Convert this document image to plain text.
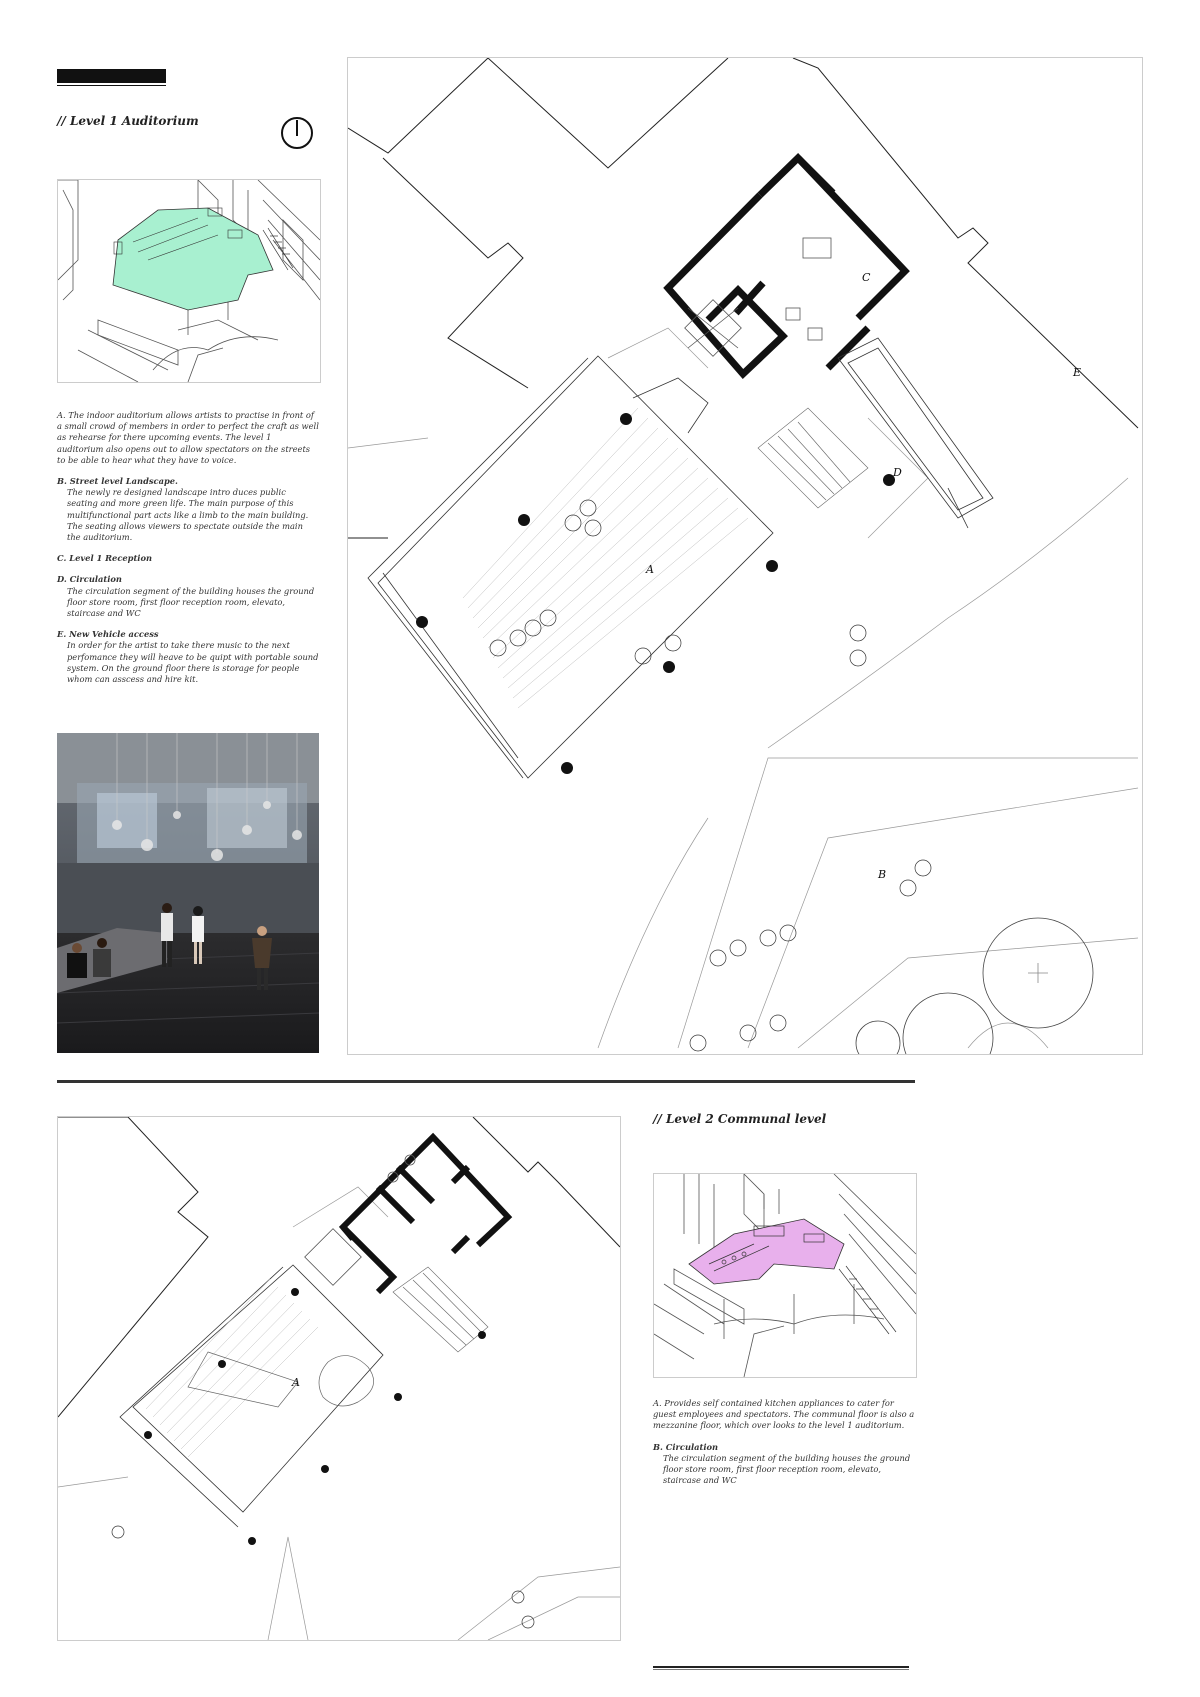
// Level 1 Auditorium
A. The indoor auditorium allows artists to practise in front of a small crowd of members in order to perfect the craft as well as rehearse for there upcoming events. The level 1 auditorium also opens out to allow spectators on the streets to be able to hear what they have to voice.
B. Street level Landscape.
The newly re designed landscape intro duces public seating and more green life. The main purpose of this multifunctional part acts like a limb to the main building. The seating allows viewers to spectate outside the main the auditorium.
C. Level 1 Reception
D. Circulation
The circulation segment of the building houses the ground floor store room, first floor reception room, elevato, staircase and WC
E. New Vehicle access
In order for the artist to take there music to the next perfomance they will heave to be quipt with portable sound system. On the ground floor there is storage for people whom can asscess and hire kit.
A
B
C
D
E
A
// Level 2 Communal level
A. Provides self contained kitchen appliances to cater for guest employees and spectators. The communal floor is also a mezzanine floor, which over looks to the level 1 auditorium.
B. Circulation
The circulation segment of the building houses the ground floor store room, first floor reception room, elevato, staircase and WC
